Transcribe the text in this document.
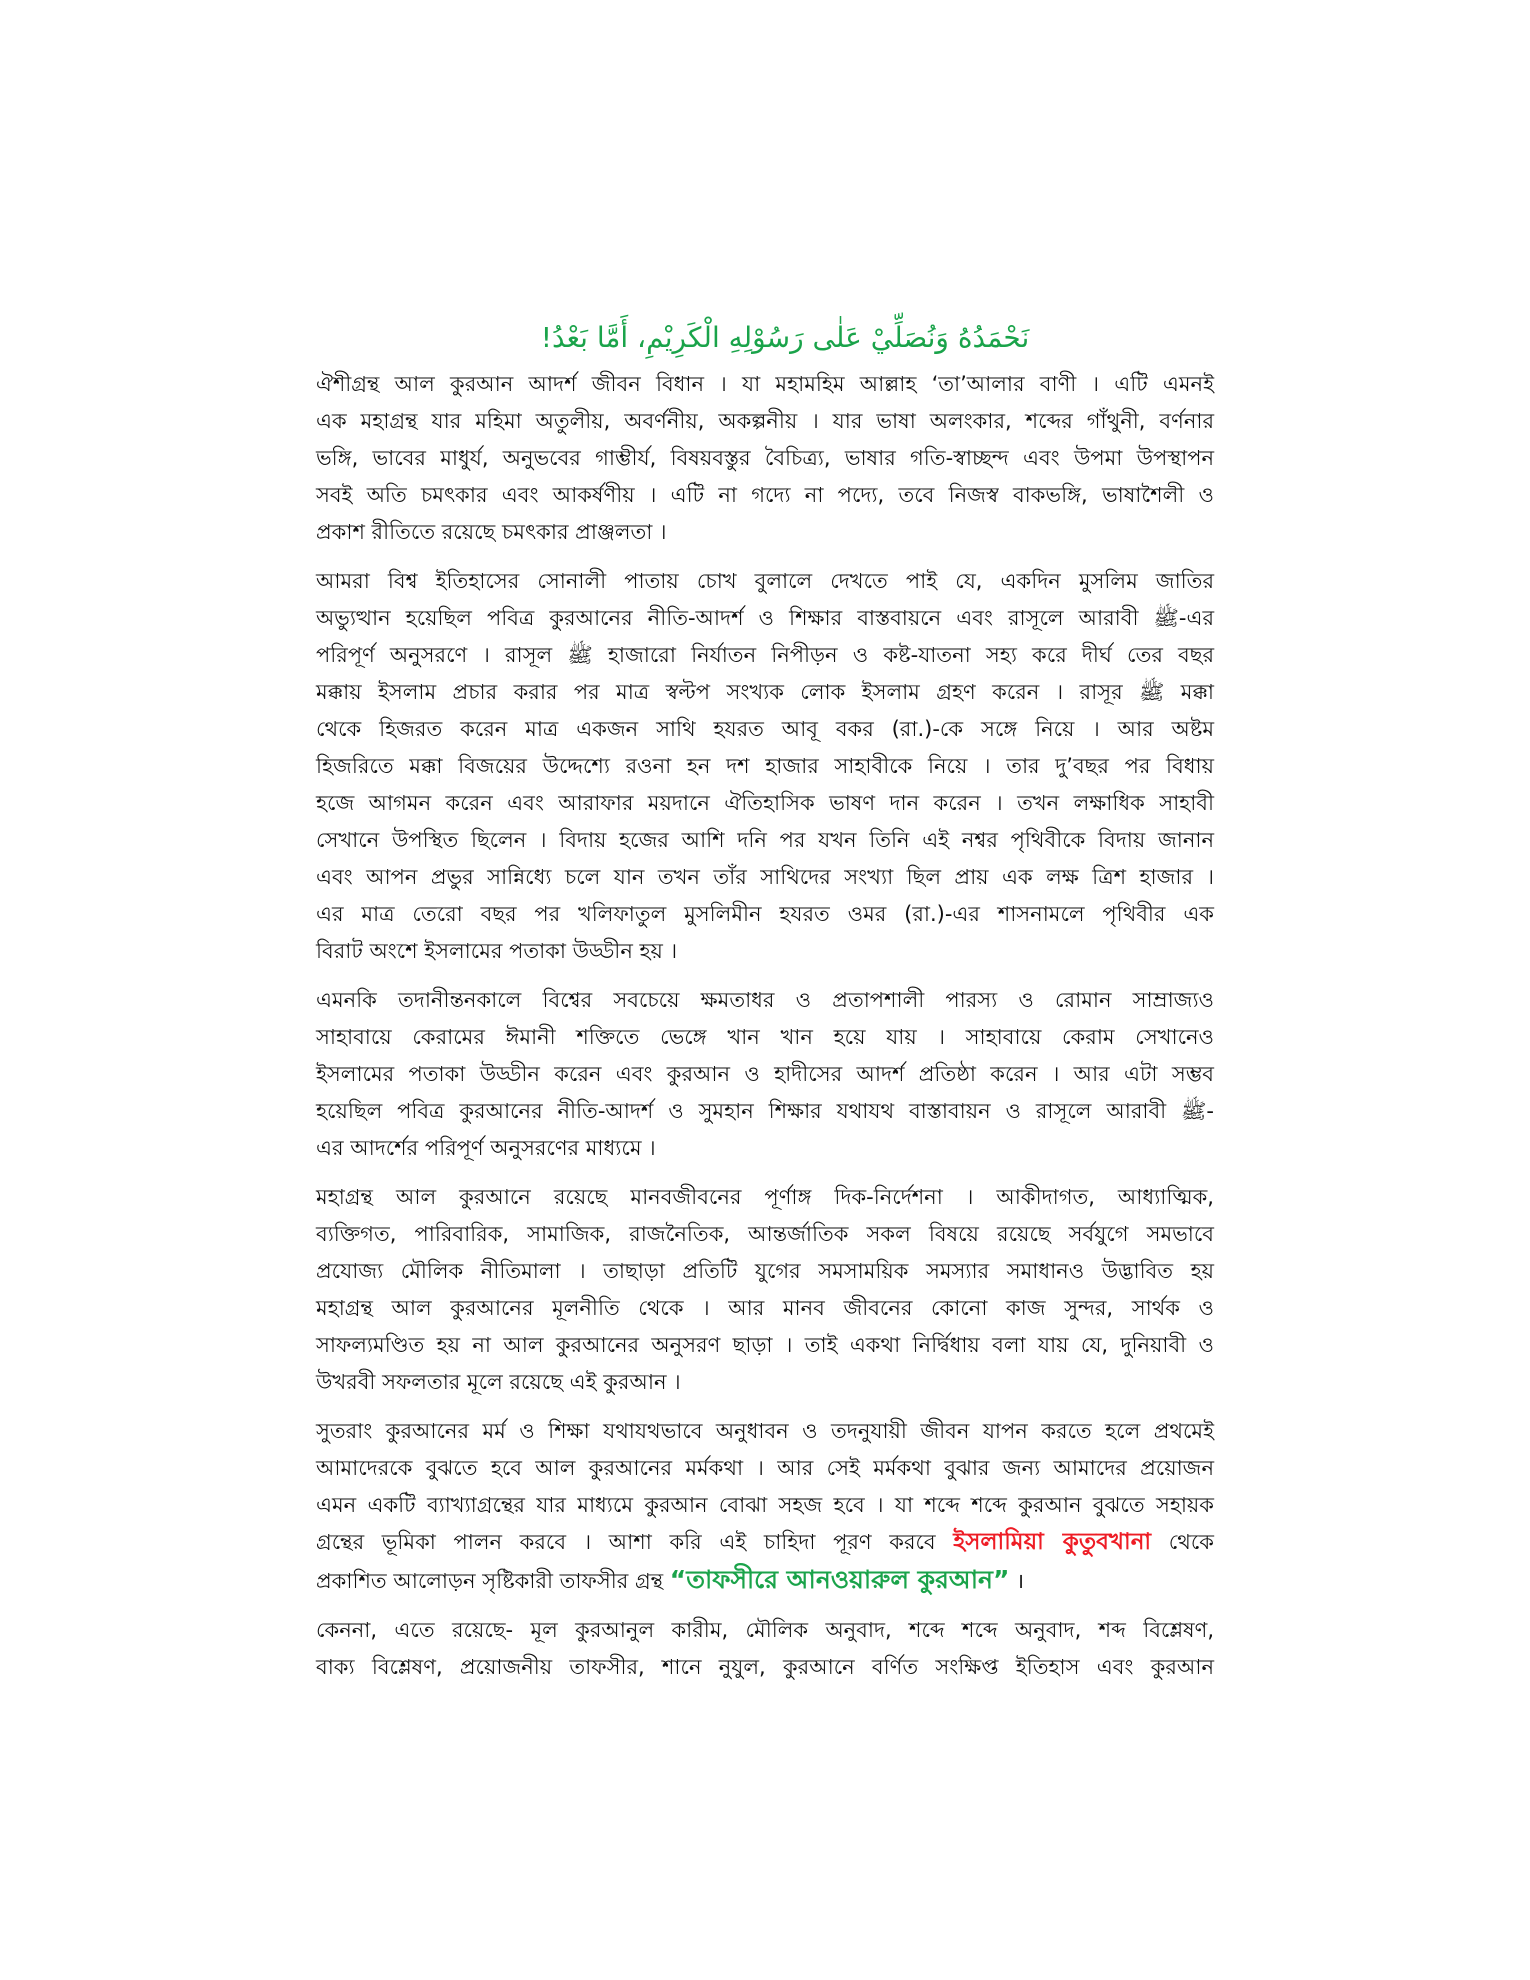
نَحْمَدُهُ وَنُصَلِّيْ عَلٰى رَسُوْلِهِ الْكَرِيْمِ، أَمَّا بَعْدُ!
ঐশীগ্রন্থ আল কুরআন আদর্শ জীবন বিধান । যা মহামহিম আল্লাহ ‘তা’আলার বাণী । এটি এমনই
এক মহাগ্রন্থ যার মহিমা অতুলীয়, অবর্ণনীয়, অকল্পনীয় । যার ভাষা অলংকার, শব্দের গাঁথুনী, বর্ণনার
ভঙ্গি, ভাবের মাধুর্য, অনুভবের গাম্ভীর্য, বিষয়বস্তুর বৈচিত্র্য, ভাষার গতি-স্বাচ্ছন্দ এবং উপমা উপস্থাপন
সবই অতি চমৎকার এবং আকর্ষণীয় । এটি না গদ্যে না পদ্যে, তবে নিজস্ব বাকভঙ্গি, ভাষাশৈলী ও
প্রকাশ রীতিতে রয়েছে চমৎকার প্রাঞ্জলতা ।
আমরা বিশ্ব ইতিহাসের সোনালী পাতায় চোখ বুলালে দেখতে পাই যে, একদিন মুসলিম জাতির
অভ্যুত্থান হয়েছিল পবিত্র কুরআনের নীতি-আদর্শ ও শিক্ষার বাস্তবায়নে এবং রাসূলে আরাবী ﷺ-এর
পরিপূর্ণ অনুসরণে । রাসূল ﷺ হাজারো নির্যাতন নিপীড়ন ও কষ্ট-যাতনা সহ্য করে দীর্ঘ তের বছর
মক্কায় ইসলাম প্রচার করার পর মাত্র স্বল্টপ সংখ্যক লোক ইসলাম গ্রহণ করেন । রাসূর ﷺ মক্কা
থেকে হিজরত করেন মাত্র একজন সাথি হযরত আবূ বকর (রা.)-কে সঙ্গে নিয়ে । আর অষ্টম
হিজরিতে মক্কা বিজয়ের উদ্দেশ্যে রওনা হন দশ হাজার সাহাবীকে নিয়ে । তার দু’বছর পর বিধায়
হজে আগমন করেন এবং আরাফার ময়দানে ঐতিহাসিক ভাষণ দান করেন । তখন লক্ষাধিক সাহাবী
সেখানে উপস্থিত ছিলেন । বিদায় হজের আশি দনি পর যখন তিনি এই নশ্বর পৃথিবীকে বিদায় জানান
এবং আপন প্রভুর সান্নিধ্যে চলে যান তখন তাঁর সাথিদের সংখ্যা ছিল প্রায় এক লক্ষ ত্রিশ হাজার ।
এর মাত্র তেরো বছর পর খলিফাতুল মুসলিমীন হযরত ওমর (রা.)-এর শাসনামলে পৃথিবীর এক
বিরাট অংশে ইসলামের পতাকা উড্ডীন হয় ।
এমনকি তদানীন্তনকালে বিশ্বের সবচেয়ে ক্ষমতাধর ও প্রতাপশালী পারস্য ও রোমান সাম্রাজ্যও
সাহাবায়ে কেরামের ঈমানী শক্তিতে ভেঙ্গে খান খান হয়ে যায় । সাহাবায়ে কেরাম সেখানেও
ইসলামের পতাকা উড্ডীন করেন এবং কুরআন ও হাদীসের আদর্শ প্রতিষ্ঠা করেন । আর এটা সম্ভব
হয়েছিল পবিত্র কুরআনের নীতি-আদর্শ ও সুমহান শিক্ষার যথাযথ বাস্তাবায়ন ও রাসূলে আরাবী ﷺ-
এর আদর্শের পরিপূর্ণ অনুসরণের মাধ্যমে ।
মহাগ্রন্থ আল কুরআনে রয়েছে মানবজীবনের পূর্ণাঙ্গ দিক-নির্দেশনা । আকীদাগত, আধ্যাত্মিক,
ব্যক্তিগত, পারিবারিক, সামাজিক, রাজনৈতিক, আন্তর্জাতিক সকল বিষয়ে রয়েছে সর্বযুগে সমভাবে
প্রযোজ্য মৌলিক নীতিমালা । তাছাড়া প্রতিটি যুগের সমসাময়িক সমস্যার সমাধানও উদ্ভাবিত হয়
মহাগ্রন্থ আল কুরআনের মূলনীতি থেকে । আর মানব জীবনের কোনো কাজ সুন্দর, সার্থক ও
সাফল্যমণ্ডিত হয় না আল কুরআনের অনুসরণ ছাড়া । তাই একথা নির্দ্বিধায় বলা যায় যে, দুনিয়াবী ও
উখরবী সফলতার মূলে রয়েছে এই কুরআন ।
সুতরাং কুরআনের মর্ম ও শিক্ষা যথাযথভাবে অনুধাবন ও তদনুযায়ী জীবন যাপন করতে হলে প্রথমেই
আমাদেরকে বুঝতে হবে আল কুরআনের মর্মকথা । আর সেই মর্মকথা বুঝার জন্য আমাদের প্রয়োজন
এমন একটি ব্যাখ্যাগ্রন্থের যার মাধ্যমে কুরআন বোঝা সহজ হবে । যা শব্দে শব্দে কুরআন বুঝতে সহায়ক
গ্রন্থের ভূমিকা পালন করবে । আশা করি এই চাহিদা পূরণ করবে ইসলামিয়া কুতুবখানা থেকে
প্রকাশিত আলোড়ন সৃষ্টিকারী তাফসীর গ্রন্থ “তাফসীরে আনওয়ারুল কুরআন” ।
কেননা, এতে রয়েছে- মূল কুরআনুল কারীম, মৌলিক অনুবাদ, শব্দে শব্দে অনুবাদ, শব্দ বিশ্লেষণ,
বাক্য বিশ্লেষণ, প্রয়োজনীয় তাফসীর, শানে নুযুল, কুরআনে বর্ণিত সংক্ষিপ্ত ইতিহাস এবং কুরআন
